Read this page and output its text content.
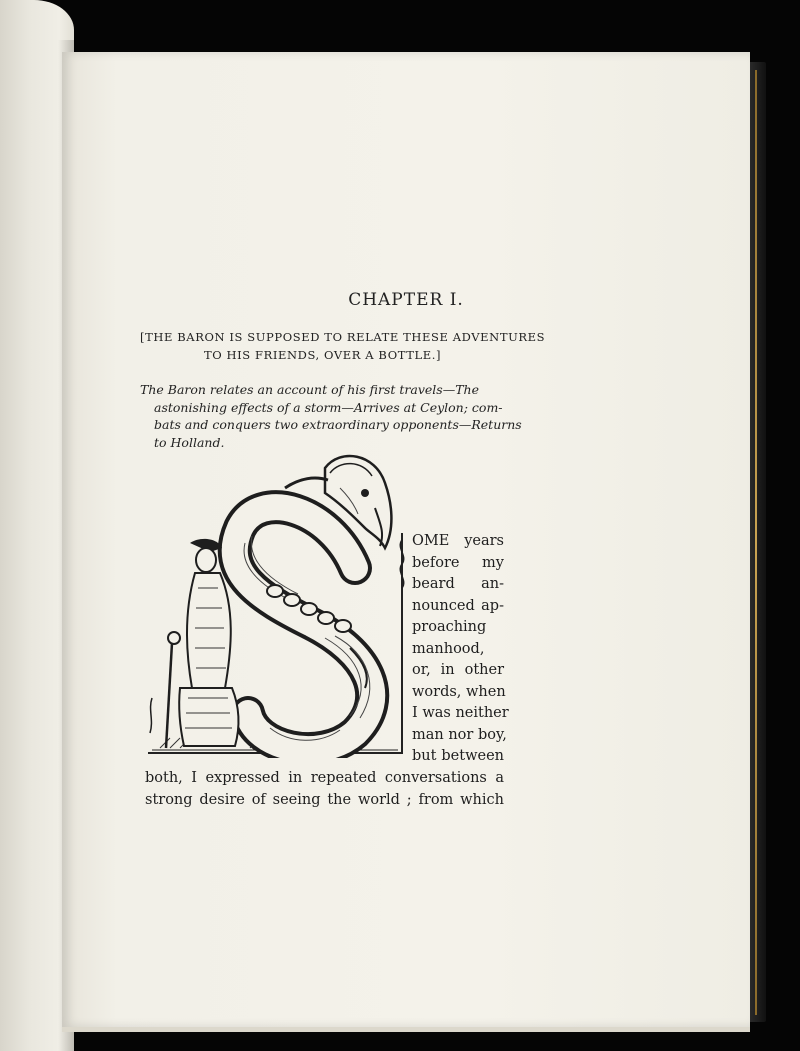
CHAPTER I.
[THE BARON IS SUPPOSED TO RELATE THESE ADVENTURES
TO HIS FRIENDS, OVER A BOTTLE.]
The Baron relates an account of his first travels—The
astonishing effects of a storm—Arrives at Ceylon; com-
bats and conquers two extraordinary opponents—Returns
to Holland.
OME years
before my
beard an-
nounced ap-
proaching
manhood,
or, in other
words, when
I was neither
man nor boy,
but between
both, I expressed in repeated conversations a
strong desire of seeing the world ; from which
